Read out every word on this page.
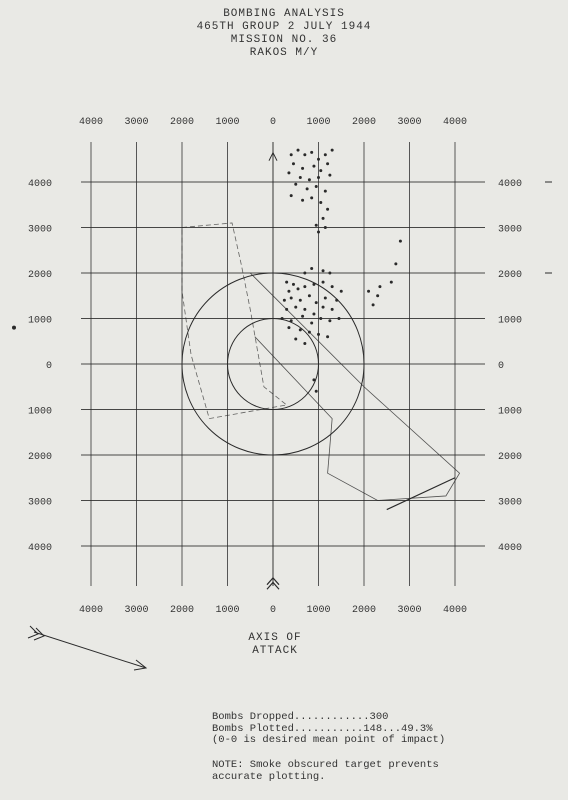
BOMBING ANALYSIS
465TH GROUP 2 JULY 1944
MISSION NO. 36
RAKOS M/Y
4000 3000 2000 1000	0	1000 2000 3000 4000
4000 3000 2000 1000	0	1000 2000 3000 4000
4000
3000
2000
1000
0
1000
2000
3000
4000
4000
3000
2000
1000
0
1000
2000
3000
4000
AXIS OF
ATTACK
Bombs Dropped............300
Bombs Plotted...........148...49.3%
(0-0 is desired mean point of impact)
NOTE: Smoke obscured target prevents
accurate plotting.
